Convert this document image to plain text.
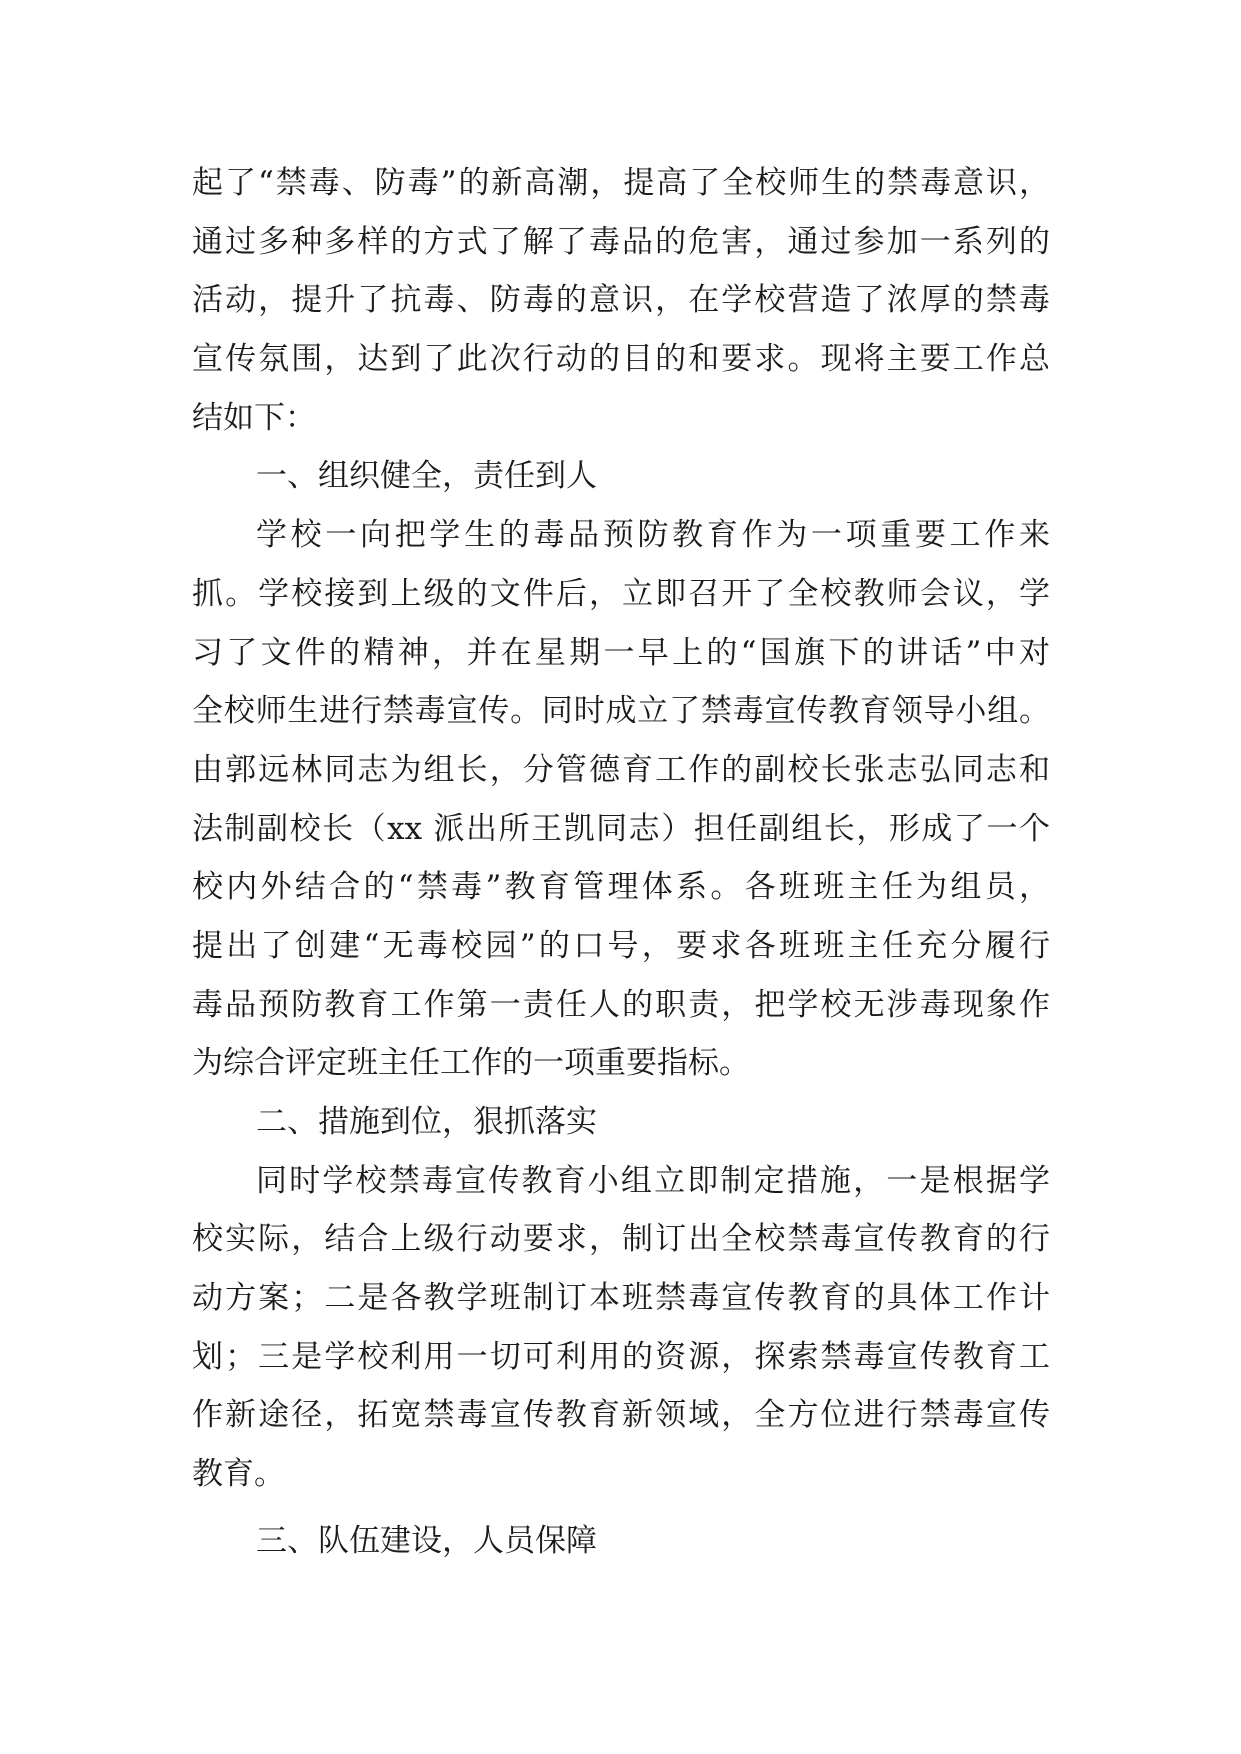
起了“禁毒、防毒”的新高潮，提高了全校师生的禁毒意识，
通过多种多样的方式了解了毒品的危害，通过参加一系列的
活动，提升了抗毒、防毒的意识，在学校营造了浓厚的禁毒
宣传氛围，达到了此次行动的目的和要求。现将主要工作总
结如下：
一、组织健全，责任到人
学校一向把学生的毒品预防教育作为一项重要工作来
抓。学校接到上级的文件后，立即召开了全校教师会议，学
习了文件的精神，并在星期一早上的“国旗下的讲话”中对
全校师生进行禁毒宣传。同时成立了禁毒宣传教育领导小组。
由郭远林同志为组长，分管德育工作的副校长张志弘同志和
法制副校长（xx 派出所王凯同志）担任副组长，形成了一个
校内外结合的“禁毒”教育管理体系。各班班主任为组员，
提出了创建“无毒校园”的口号，要求各班班主任充分履行
毒品预防教育工作第一责任人的职责，把学校无涉毒现象作
为综合评定班主任工作的一项重要指标。
二、措施到位，狠抓落实
同时学校禁毒宣传教育小组立即制定措施，一是根据学
校实际，结合上级行动要求，制订出全校禁毒宣传教育的行
动方案；二是各教学班制订本班禁毒宣传教育的具体工作计
划；三是学校利用一切可利用的资源，探索禁毒宣传教育工
作新途径，拓宽禁毒宣传教育新领域，全方位进行禁毒宣传
教育。
三、队伍建设，人员保障
